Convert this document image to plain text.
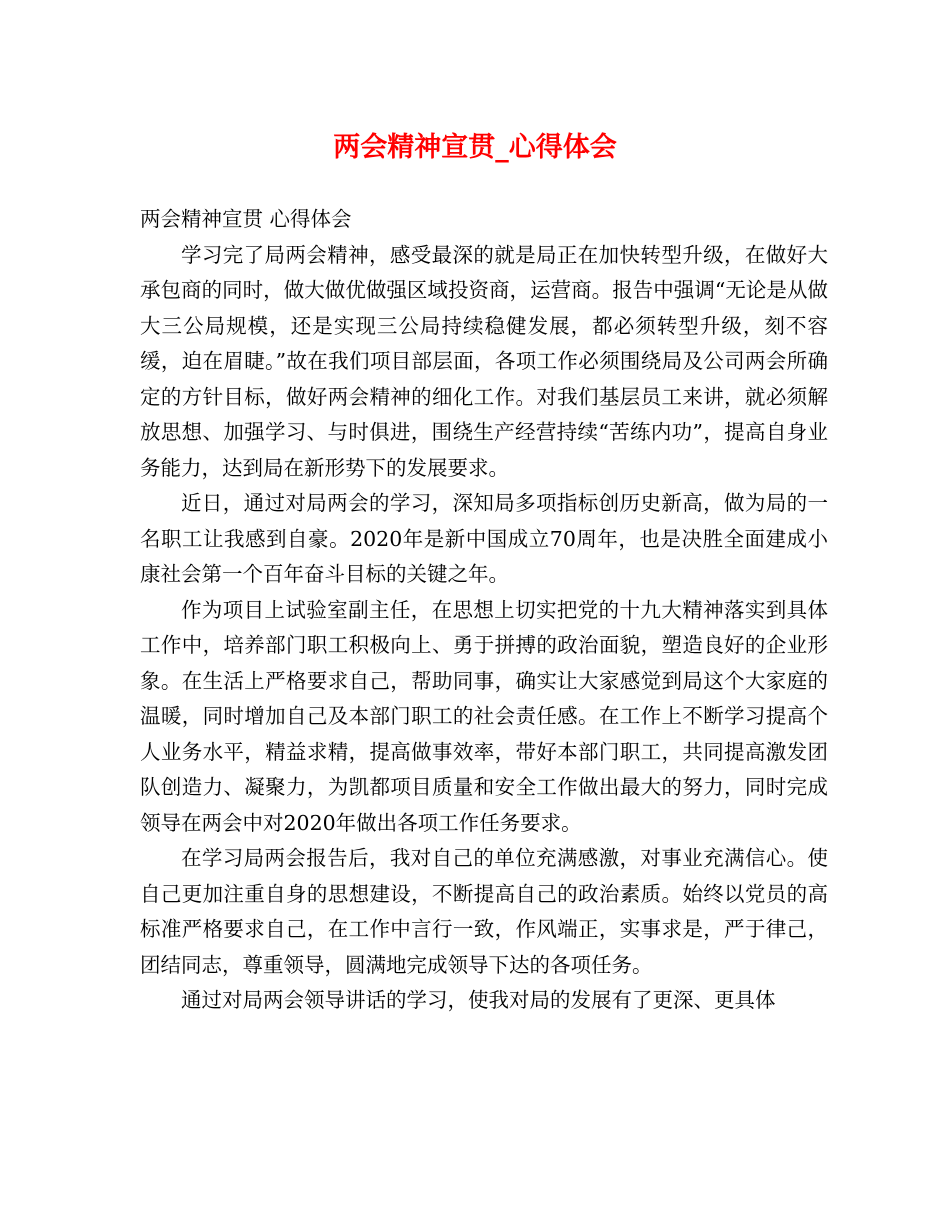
两会精神宣贯_心得体会

两会精神宣贯 心得体会

学习完了局两会精神，感受最深的就是局正在加快转型升级，在做好大承包商的同时，做大做优做强区域投资商，运营商。报告中强调“无论是从做大三公局规模，还是实现三公局持续稳健发展，都必须转型升级，刻不容缓，迫在眉睫。”故在我们项目部层面，各项工作必须围绕局及公司两会所确定的方针目标，做好两会精神的细化工作。对我们基层员工来讲，就必须解放思想、加强学习、与时俱进，围绕生产经营持续“苦练内功”，提高自身业务能力，达到局在新形势下的发展要求。

近日，通过对局两会的学习，深知局多项指标创历史新高，做为局的一名职工让我感到自豪。2020年是新中国成立70周年，也是决胜全面建成小康社会第一个百年奋斗目标的关键之年。

作为项目上试验室副主任，在思想上切实把党的十九大精神落实到具体工作中，培养部门职工积极向上、勇于拼搏的政治面貌，塑造良好的企业形象。在生活上严格要求自己，帮助同事，确实让大家感觉到局这个大家庭的温暖，同时增加自己及本部门职工的社会责任感。在工作上不断学习提高个人业务水平，精益求精，提高做事效率，带好本部门职工，共同提高激发团队创造力、凝聚力，为凯都项目质量和安全工作做出最大的努力，同时完成领导在两会中对2020年做出各项工作任务要求。

在学习局两会报告后，我对自己的单位充满感激，对事业充满信心。使自己更加注重自身的思想建设，不断提高自己的政治素质。始终以党员的高标准严格要求自己，在工作中言行一致，作风端正，实事求是，严于律己，团结同志，尊重领导，圆满地完成领导下达的各项任务。

通过对局两会领导讲话的学习，使我对局的发展有了更深、更具体
